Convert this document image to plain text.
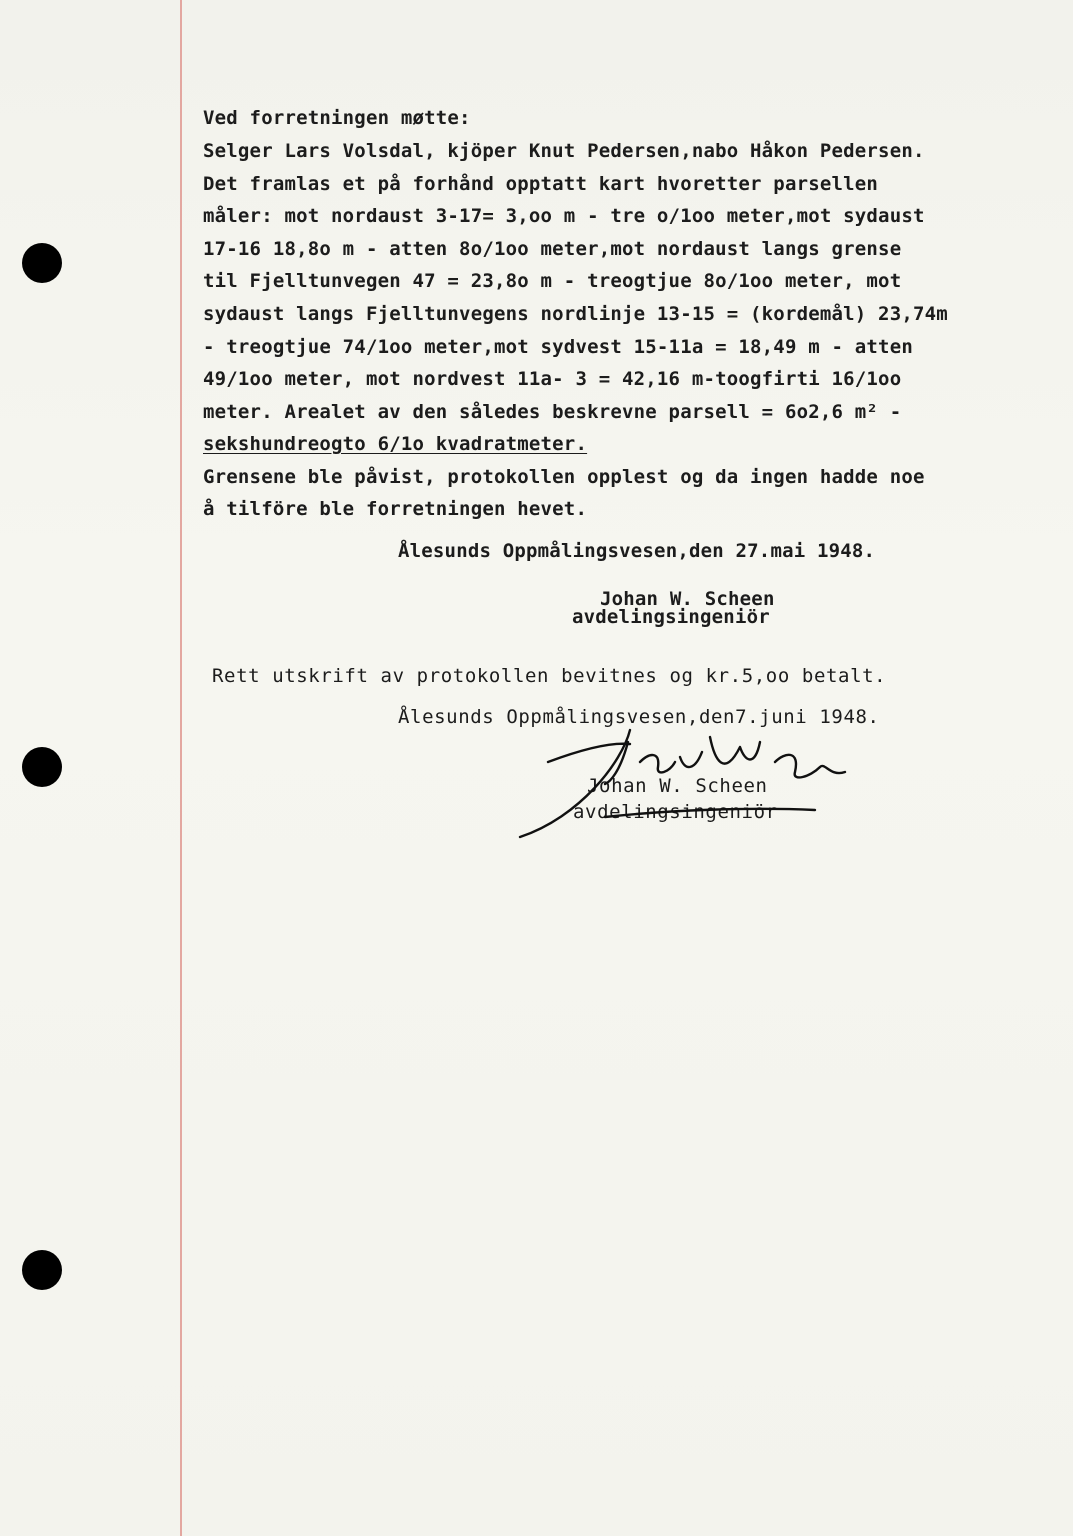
Ved forretningen møtte:
Selger Lars Volsdal, kjöper Knut Pedersen,nabo Håkon Pedersen.
Det framlas et på forhånd opptatt kart hvoretter parsellen
måler: mot nordaust 3-17= 3,oo m - tre o/1oo meter,mot sydaust
17-16 18,8o m - atten 8o/1oo meter,mot nordaust langs grense
til Fjelltunvegen 47 = 23,8o m - treogtjue 8o/1oo meter, mot
sydaust langs Fjelltunvegens nordlinje 13-15 = (kordemål) 23,74m
- treogtjue 74/1oo meter,mot sydvest 15-11a = 18,49 m - atten
49/1oo meter, mot nordvest 11a- 3 = 42,16 m-toogfirti 16/1oo
meter. Arealet av den således beskrevne parsell = 6o2,6 m² -
sekshundreogto 6/1o kvadratmeter.
Grensene ble påvist, protokollen opplest og da ingen hadde noe
å tilföre ble forretningen hevet.
Ålesunds Oppmålingsvesen,den 27.mai 1948.
Johan W. Scheen
avdelingsingeniör
Rett utskrift av protokollen bevitnes og kr.5,oo betalt.
Ålesunds Oppmålingsvesen,den7.juni 1948.
Johan W. Scheen
avdelingsingeniör
